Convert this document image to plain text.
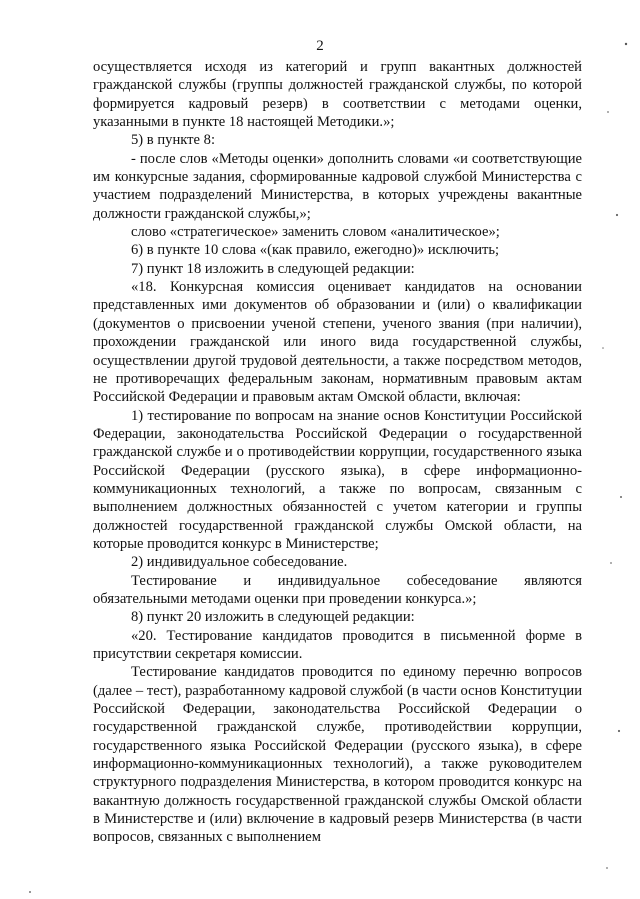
2

осуществляется исходя из категорий и групп вакантных должностей гражданской службы (группы должностей гражданской службы, по которой формируется кадровый резерв) в соответствии с методами оценки, указанными в пункте 18 настоящей Методики.»;

5) в пункте 8:

- после слов «Методы оценки» дополнить словами «и соответствующие им конкурсные задания, сформированные кадровой службой Министерства с участием подразделений Министерства, в которых учреждены вакантные должности гражданской службы,»;

слово «стратегическое» заменить словом «аналитическое»;

6) в пункте 10 слова «(как правило, ежегодно)» исключить;

7) пункт 18 изложить в следующей редакции:

«18. Конкурсная комиссия оценивает кандидатов на основании представленных ими документов об образовании и (или) о квалификации (документов о присвоении ученой степени, ученого звания (при наличии), прохождении гражданской или иного вида государственной службы, осуществлении другой трудовой деятельности, а также посредством методов, не противоречащих федеральным законам, нормативным правовым актам Российской Федерации и правовым актам Омской области, включая:

1) тестирование по вопросам на знание основ Конституции Российской Федерации, законодательства Российской Федерации о государственной гражданской службе и о противодействии коррупции, государственного языка Российской Федерации (русского языка), в сфере информационно-коммуникационных технологий, а также по вопросам, связанным с выполнением должностных обязанностей с учетом категории и группы должностей государственной гражданской службы Омской области, на которые проводится конкурс в Министерстве;

2) индивидуальное собеседование.

Тестирование и индивидуальное собеседование являются обязательными методами оценки при проведении конкурса.»;

8) пункт 20 изложить в следующей редакции:

«20. Тестирование кандидатов проводится в письменной форме в присутствии секретаря комиссии.

Тестирование кандидатов проводится по единому перечню вопросов (далее – тест), разработанному кадровой службой (в части основ Конституции Российской Федерации, законодательства Российской Федерации о государственной гражданской службе, противодействии коррупции, государственного языка Российской Федерации (русского языка), в сфере информационно-коммуникационных технологий), а также руководителем структурного подразделения Министерства, в котором проводится конкурс на вакантную должность государственной гражданской службы Омской области в Министерстве и (или) включение в кадровый резерв Министерства (в части вопросов, связанных с выполнением
